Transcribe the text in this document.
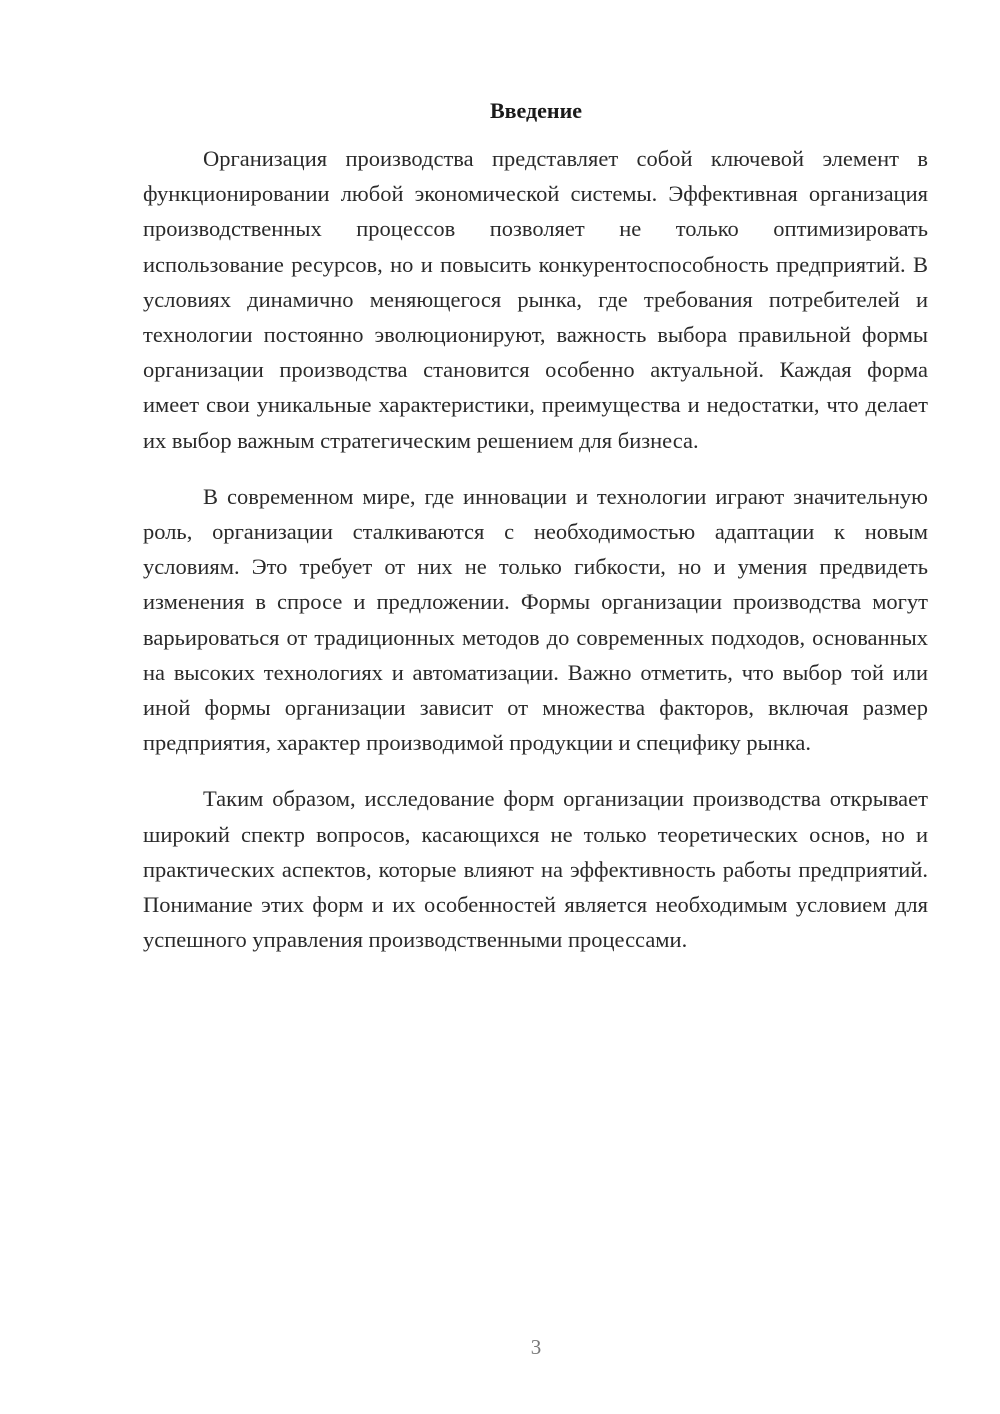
Введение

Организация производства представляет собой ключевой элемент в функционировании любой экономической системы. Эффективная организация производственных процессов позволяет не только оптимизировать использование ресурсов, но и повысить конкурентоспособность предприятий. В условиях динамично меняющегося рынка, где требования потребителей и технологии постоянно эволюционируют, важность выбора правильной формы организации производства становится особенно актуальной. Каждая форма имеет свои уникальные характеристики, преимущества и недостатки, что делает их выбор важным стратегическим решением для бизнеса.

В современном мире, где инновации и технологии играют значительную роль, организации сталкиваются с необходимостью адаптации к новым условиям. Это требует от них не только гибкости, но и умения предвидеть изменения в спросе и предложении. Формы организации производства могут варьироваться от традиционных методов до современных подходов, основанных на высоких технологиях и автоматизации. Важно отметить, что выбор той или иной формы организации зависит от множества факторов, включая размер предприятия, характер производимой продукции и специфику рынка.

Таким образом, исследование форм организации производства открывает широкий спектр вопросов, касающихся не только теоретических основ, но и практических аспектов, которые влияют на эффективность работы предприятий. Понимание этих форм и их особенностей является необходимым условием для успешного управления производственными процессами.

3
